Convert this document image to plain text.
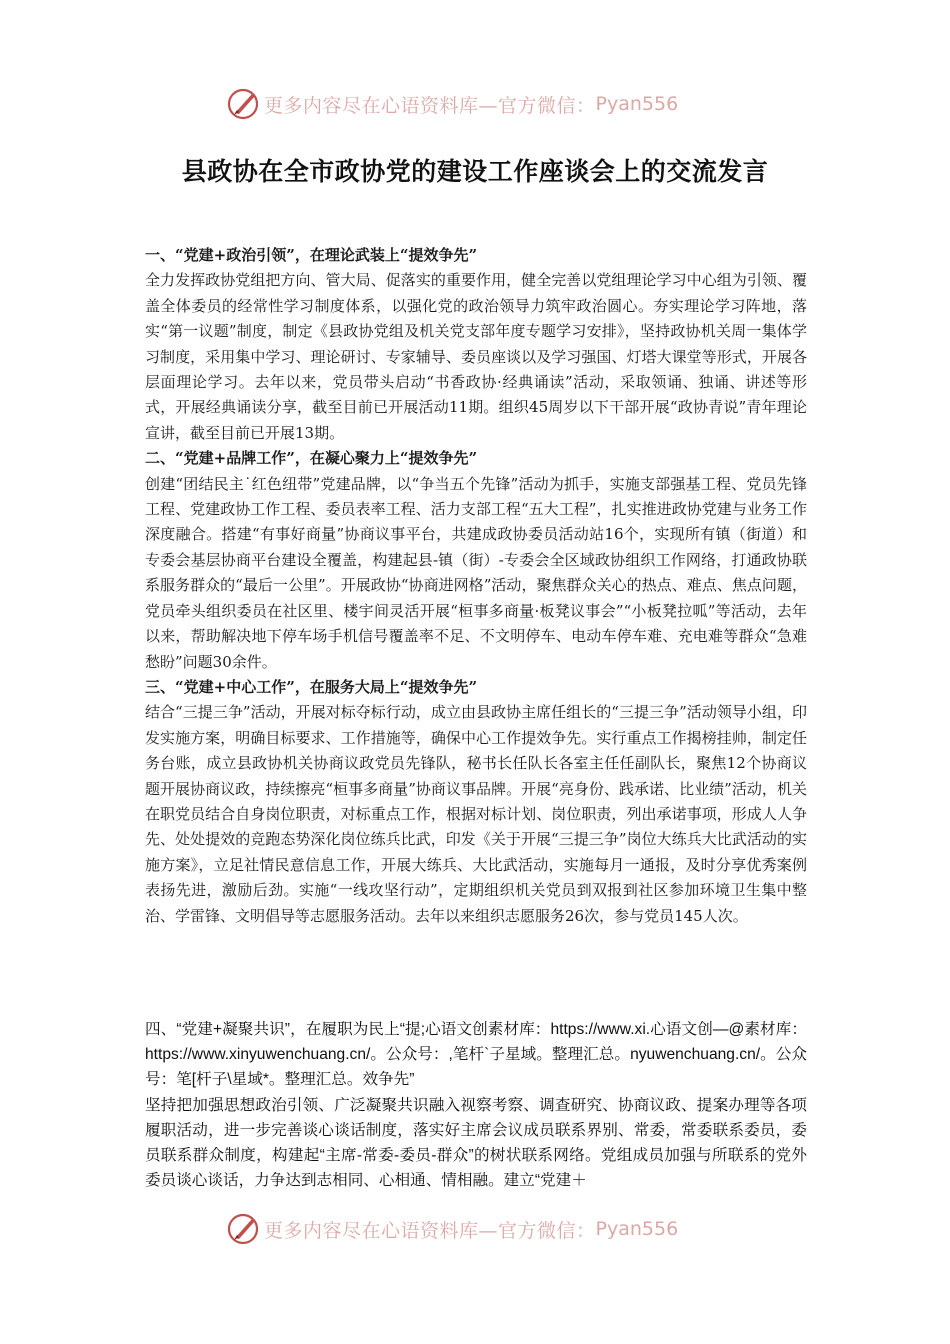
更多内容尽在心语资料库—官方微信： Pyan556
县政协在全市政协党的建设工作座谈会上的交流发言

一、“党建+政治引领”，在理论武装上“提效争先”

全力发挥政协党组把方向、管大局、促落实的重要作用，健全完善以党组理论学习中心组为引领、覆盖全体委员的经常性学习制度体系，以强化党的政治领导力筑牢政治圆心。夯实理论学习阵地，落实“第一议题”制度，制定《县政协党组及机关党支部年度专题学习安排》，坚持政协机关周一集体学习制度，采用集中学习、理论研讨、专家辅导、委员座谈以及学习强国、灯塔大课堂等形式，开展各层面理论学习。去年以来，党员带头启动“书香政协·经典诵读”活动，采取领诵、独诵、讲述等形式，开展经典诵读分享，截至目前已开展活动11期。组织45周岁以下干部开展“政协青说”青年理论宣讲，截至目前已开展13期。

二、“党建+品牌工作”，在凝心聚力上“提效争先”

创建“团结民主˙红色纽带”党建品牌，以“争当五个先锋”活动为抓手，实施支部强基工程、党员先锋工程、党建政协工作工程、委员表率工程、活力支部工程“五大工程”，扎实推进政协党建与业务工作深度融合。搭建“有事好商量”协商议事平台，共建成政协委员活动站16个，实现所有镇（街道）和专委会基层协商平台建设全覆盖，构建起县-镇（街）-专委会全区域政协组织工作网络，打通政协联系服务群众的“最后一公里”。开展政协“协商进网格”活动，聚焦群众关心的热点、难点、焦点问题，党员牵头组织委员在社区里、楼宇间灵活开展“桓事多商量·板凳议事会”“小板凳拉呱”等活动，去年以来，帮助解决地下停车场手机信号覆盖率不足、不文明停车、电动车停车难、充电难等群众“急难愁盼”问题30余件。

三、“党建+中心工作”，在服务大局上“提效争先”

结合“三提三争”活动，开展对标夺标行动，成立由县政协主席任组长的“三提三争”活动领导小组，印发实施方案，明确目标要求、工作措施等，确保中心工作提效争先。实行重点工作揭榜挂帅，制定任务台账，成立县政协机关协商议政党员先锋队，秘书长任队长各室主任任副队长，聚焦12个协商议题开展协商议政，持续擦亮“桓事多商量”协商议事品牌。开展“亮身份、践承诺、比业绩”活动，机关在职党员结合自身岗位职责，对标重点工作，根据对标计划、岗位职责，列出承诺事项，形成人人争先、处处提效的竞跑态势深化岗位练兵比武，印发《关于开展“三提三争”岗位大练兵大比武活动的实施方案》，立足社情民意信息工作，开展大练兵、大比武活动，实施每月一通报，及时分享优秀案例表扬先进，激励后劲。实施“一线攻坚行动”，定期组织机关党员到双报到社区参加环境卫生集中整治、学雷锋、文明倡导等志愿服务活动。去年以来组织志愿服务26次，参与党员145人次。

四、“党建+凝聚共识”，在履职为民上“提;心语文创素材库：https://www.xi.心语文创—@素材库：https://www.xinyuwenchuang.cn/。公众号：,笔杆`子星域。整理汇总。nyuwenchuang.cn/。公众号：笔[杆子\星域*。整理汇总。效争先”

坚持把加强思想政治引领、广泛凝聚共识融入视察考察、调查研究、协商议政、提案办理等各项履职活动，进一步完善谈心谈话制度，落实好主席会议成员联系界别、常委，常委联系委员，委员联系群众制度，构建起“主席-常委-委员-群众”的树状联系网络。党组成员加强与所联系的党外委员谈心谈话，力争达到志相同、心相通、情相融。建立“党建＋

更多内容尽在心语资料库—官方微信： Pyan556
